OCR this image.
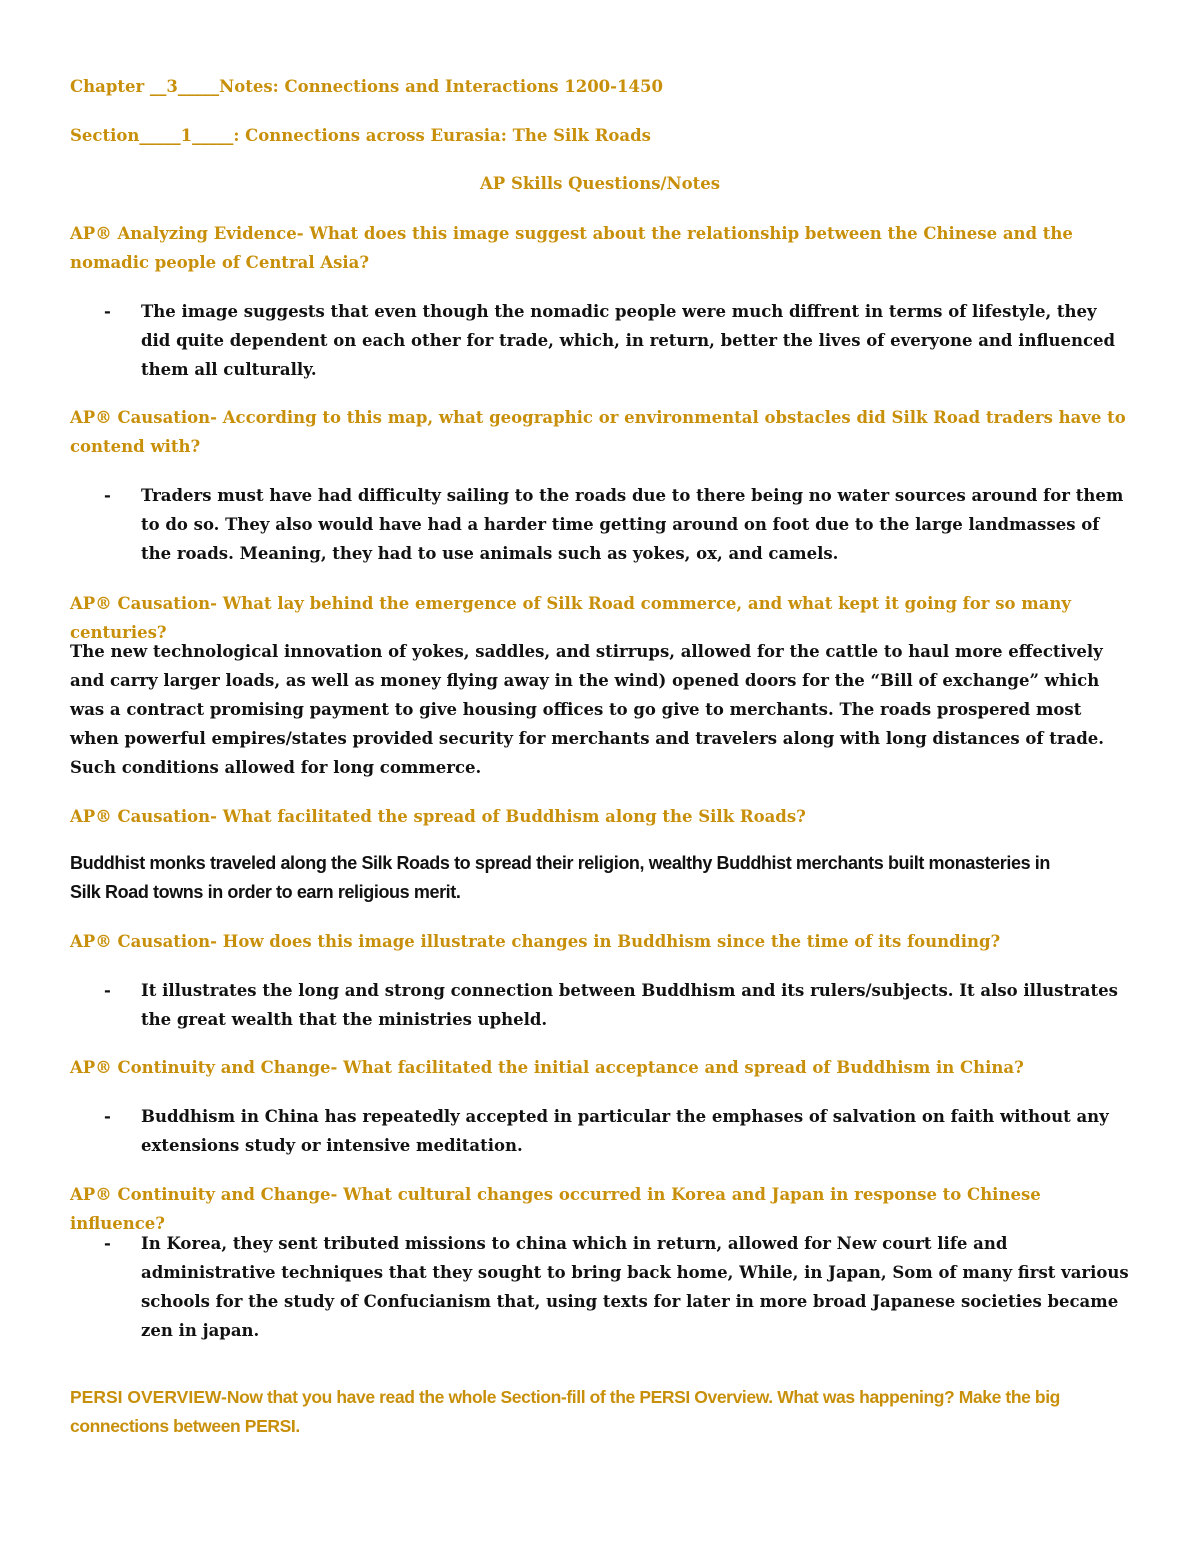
Chapter __3_____Notes: Connections and Interactions 1200-1450
Section_____1_____: Connections across Eurasia: The Silk Roads
AP Skills Questions/Notes
AP® Analyzing Evidence- What does this image suggest about the relationship between the Chinese and the nomadic people of Central Asia?
- The image suggests that even though the nomadic people were much diffrent in terms of lifestyle, they did quite dependent on each other for trade, which, in return, better the lives of everyone and influenced them all culturally.
AP® Causation- According to this map, what geographic or environmental obstacles did Silk Road traders have to contend with?
- Traders must have had difficulty sailing to the roads due to there being no water sources around for them to do so. They also would have had a harder time getting around on foot due to the large landmasses of the roads. Meaning, they had to use animals such as yokes, ox, and camels.
AP® Causation- What lay behind the emergence of Silk Road commerce, and what kept it going for so many centuries?
The new technological innovation of yokes, saddles, and stirrups, allowed for the cattle to haul more effectively and carry larger loads, as well as money flying away in the wind) opened doors for the “Bill of exchange” which was a contract promising payment to give housing offices to go give to merchants. The roads prospered most when powerful empires/states provided security for merchants and travelers along with long distances of trade. Such conditions allowed for long commerce.
AP® Causation- What facilitated the spread of Buddhism along the Silk Roads?
Buddhist monks traveled along the Silk Roads to spread their religion, wealthy Buddhist merchants built monasteries in Silk Road towns in order to earn religious merit.
AP® Causation- How does this image illustrate changes in Buddhism since the time of its founding?
- It illustrates the long and strong connection between Buddhism and its rulers/subjects. It also illustrates the great wealth that the ministries upheld.
AP® Continuity and Change- What facilitated the initial acceptance and spread of Buddhism in China?
- Buddhism in China has repeatedly accepted in particular the emphases of salvation on faith without any extensions study or intensive meditation.
AP® Continuity and Change- What cultural changes occurred in Korea and Japan in response to Chinese influence?
- In Korea, they sent tributed missions to china which in return, allowed for New court life and administrative techniques that they sought to bring back home, While, in Japan, Som of many first various schools for the study of Confucianism that, using texts for later in more broad Japanese societies became zen in japan.
PERSI OVERVIEW-Now that you have read the whole Section-fill of the PERSI Overview. What was happening? Make the big connections between PERSI.
